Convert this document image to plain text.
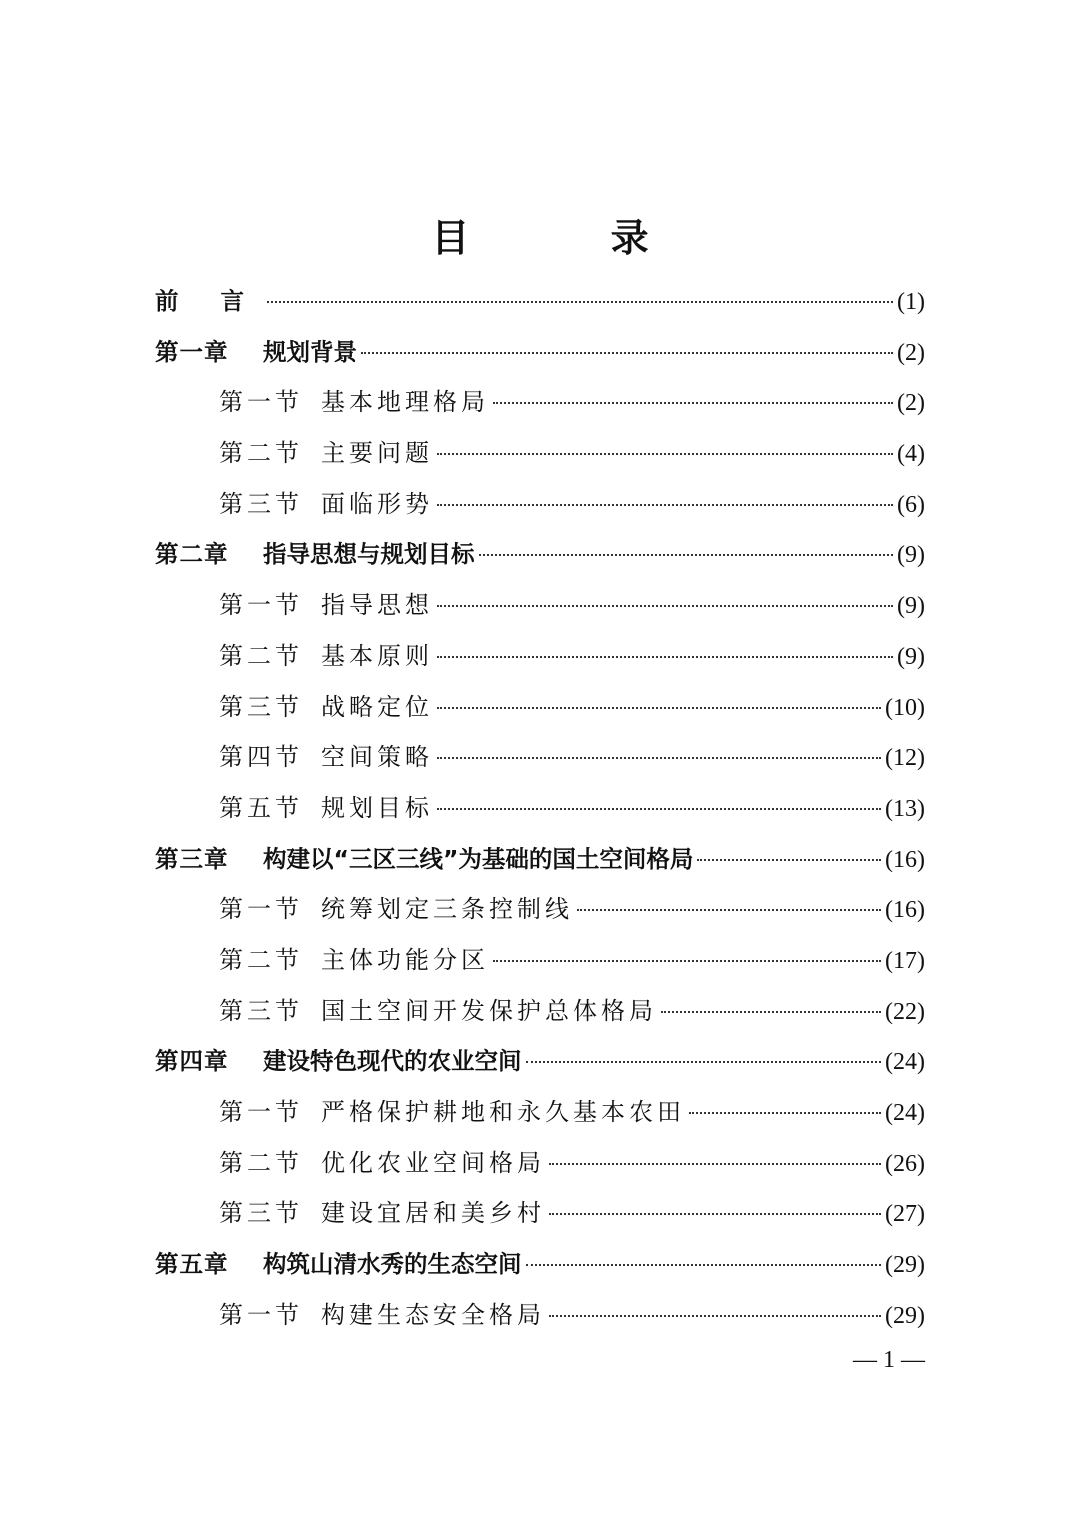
目 录
前言	(1)
第一章	规划背景	(2)
第一节 基本地理格局	(2)
第二节 主要问题	(4)
第三节 面临形势	(6)
第二章	指导思想与规划目标	(9)
第一节 指导思想	(9)
第二节 基本原则	(9)
第三节 战略定位	(10)
第四节 空间策略	(12)
第五节 规划目标	(13)
第三章	构建以“三区三线”为基础的国土空间格局	(16)
第一节 统筹划定三条控制线	(16)
第二节 主体功能分区	(17)
第三节 国土空间开发保护总体格局	(22)
第四章	建设特色现代的农业空间	(24)
第一节 严格保护耕地和永久基本农田	(24)
第二节 优化农业空间格局	(26)
第三节 建设宜居和美乡村	(27)
第五章	构筑山清水秀的生态空间	(29)
第一节 构建生态安全格局	(29)
— 1 —
